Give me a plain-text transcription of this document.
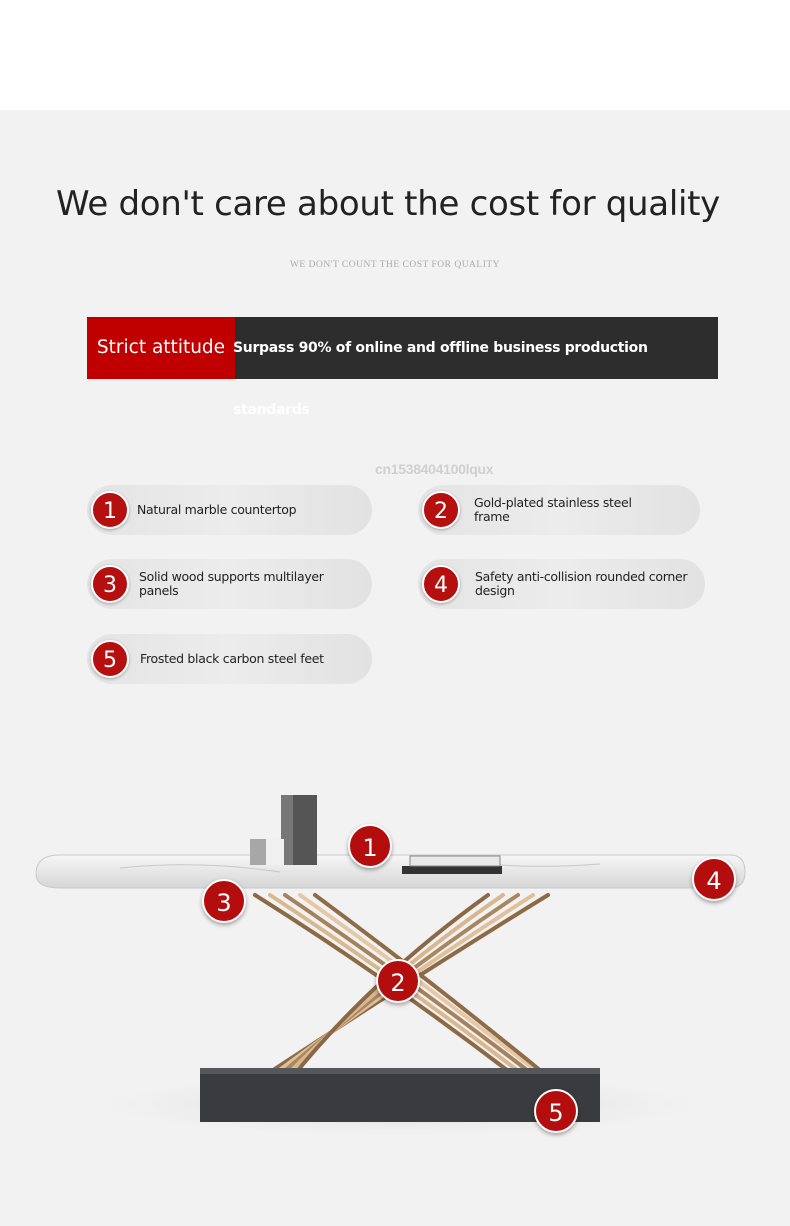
We don't care about the cost for quality
WE DON'T COUNT THE COST FOR QUALITY
Strict attitude Surpass 90% of online and offline business production standards
cn1538404100lqux
1	Natural marble countertop	2	Gold-plated stainless steel frame
3	Solid wood supports multilayer panels	4	Safety anti-collision rounded corner design
5	Frosted black carbon steel feet
1
2
3
4
5
